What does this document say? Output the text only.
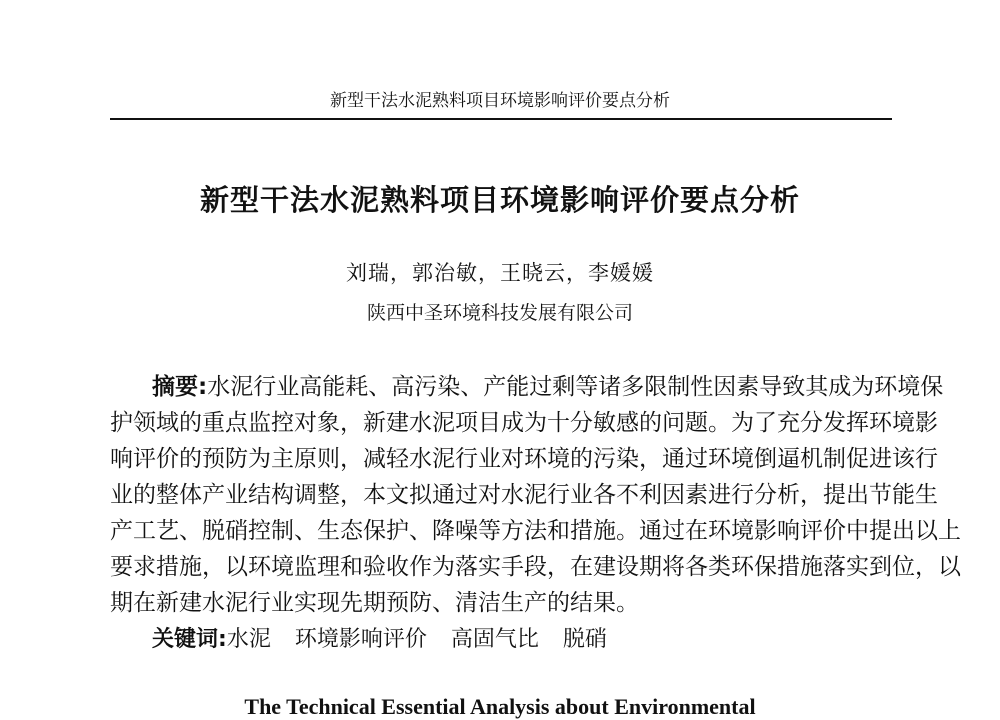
新型干法水泥熟料项目环境影响评价要点分析
新型干法水泥熟料项目环境影响评价要点分析
刘瑞，郭治敏，王晓云，李媛媛
陕西中圣环境科技发展有限公司
摘要:水泥行业高能耗、高污染、产能过剩等诸多限制性因素导致其成为环境保
护领域的重点监控对象，新建水泥项目成为十分敏感的问题。为了充分发挥环境影
响评价的预防为主原则，减轻水泥行业对环境的污染，通过环境倒逼机制促进该行
业的整体产业结构调整，本文拟通过对水泥行业各不利因素进行分析，提出节能生
产工艺、脱硝控制、生态保护、降噪等方法和措施。通过在环境影响评价中提出以上
要求措施，以环境监理和验收作为落实手段，在建设期将各类环保措施落实到位，以
期在新建水泥行业实现先期预防、清洁生产的结果。
关键词:水泥 环境影响评价 高固气比 脱硝
The Technical Essential Analysis about Environmental
